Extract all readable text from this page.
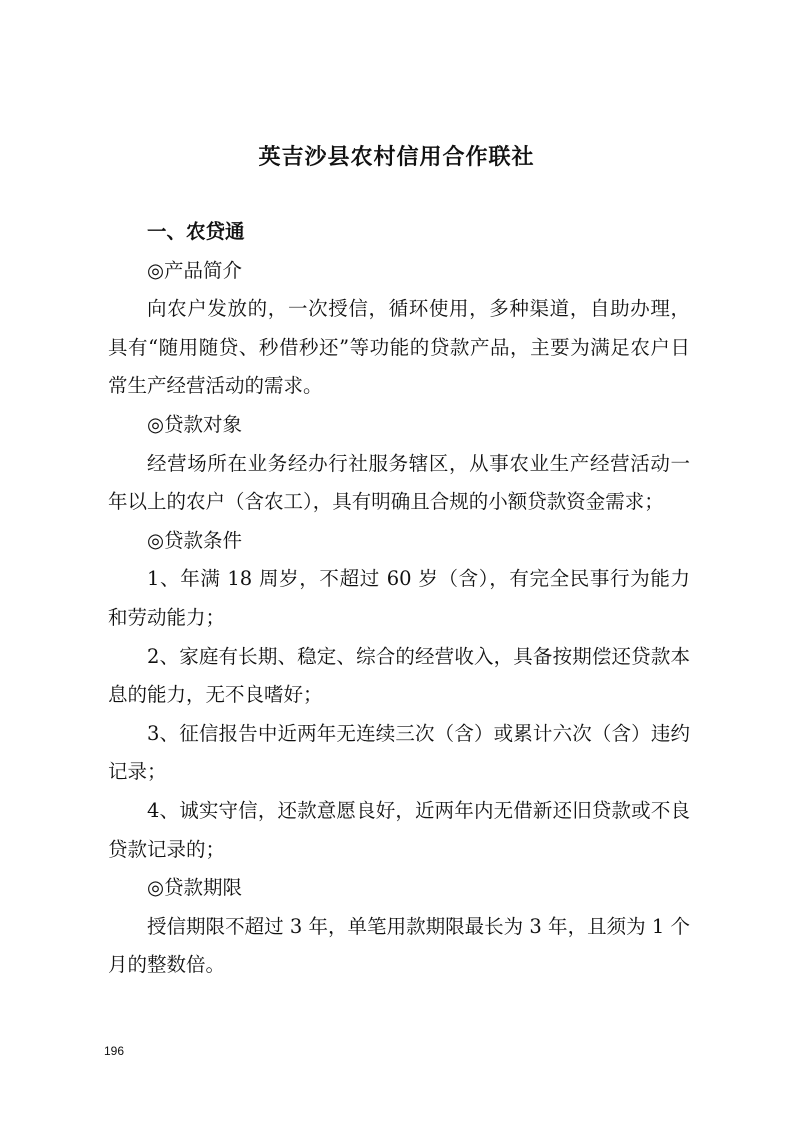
英吉沙县农村信用合作联社

一、农贷通

◎产品简介

向农户发放的，一次授信，循环使用，多种渠道，自助办理，具有“随用随贷、秒借秒还”等功能的贷款产品，主要为满足农户日常生产经营活动的需求。

◎贷款对象

经营场所在业务经办行社服务辖区，从事农业生产经营活动一年以上的农户（含农工），具有明确且合规的小额贷款资金需求；

◎贷款条件

1、年满 18 周岁，不超过 60 岁（含），有完全民事行为能力和劳动能力；

2、家庭有长期、稳定、综合的经营收入，具备按期偿还贷款本息的能力，无不良嗜好；

3、征信报告中近两年无连续三次（含）或累计六次（含）违约记录；

4、诚实守信，还款意愿良好，近两年内无借新还旧贷款或不良贷款记录的；

◎贷款期限

授信期限不超过 3 年，单笔用款期限最长为 3 年，且须为 1 个月的整数倍。

196
